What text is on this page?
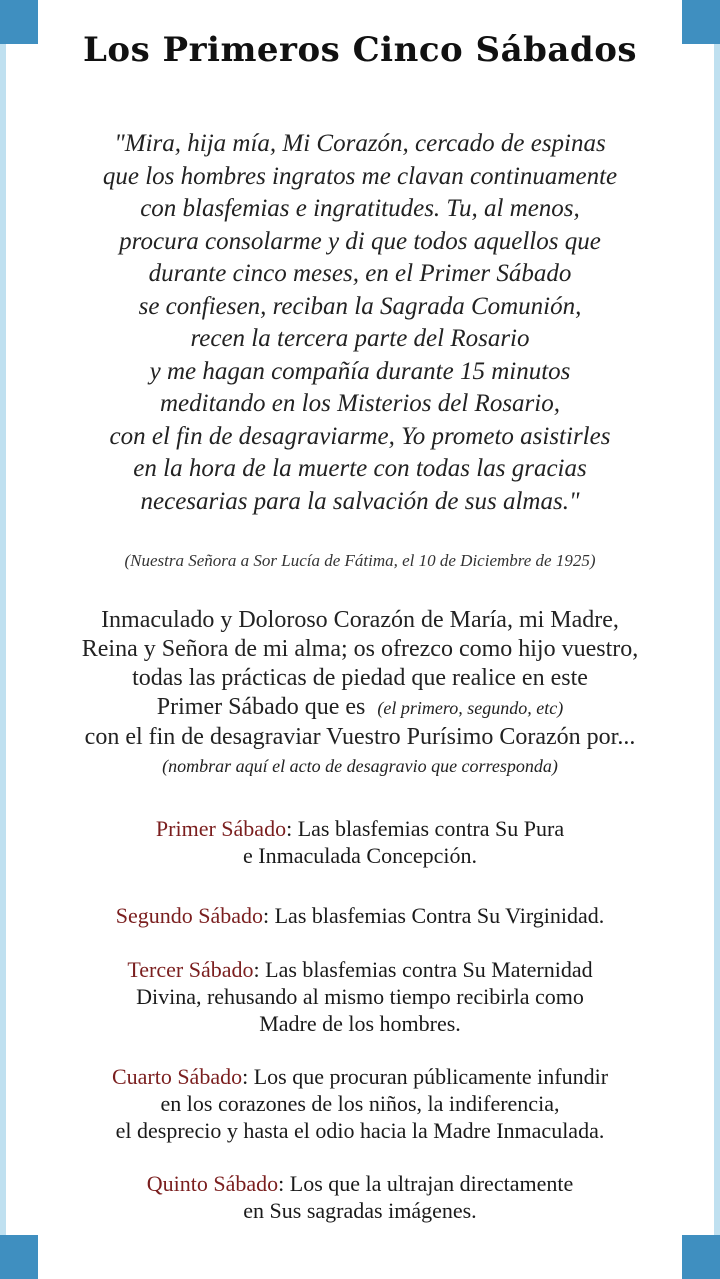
Los Primeros Cinco Sábados

"Mira, hija mía, Mi Corazón, cercado de espinas
que los hombres ingratos me clavan continuamente
con blasfemias e ingratitudes. Tu, al menos,
procura consolarme y di que todos aquellos que
durante cinco meses, en el Primer Sábado
se confiesen, reciban la Sagrada Comunión,
recen la tercera parte del Rosario
y me hagan compañía durante 15 minutos
meditando en los Misterios del Rosario,
con el fin de desagraviarme, Yo prometo asistirles
en la hora de la muerte con todas las gracias
necesarias para la salvación de sus almas."

(Nuestra Señora a Sor Lucía de Fátima, el 10 de Diciembre de 1925)

Inmaculado y Doloroso Corazón de María, mi Madre,
Reina y Señora de mi alma; os ofrezco como hijo vuestro,
todas las prácticas de piedad que realice en este
Primer Sábado que es (el primero, segundo, etc)
con el fin de desagraviar Vuestro Purísimo Corazón por...
(nombrar aquí el acto de desagravio que corresponda)

Primer Sábado: Las blasfemias contra Su Pura
e Inmaculada Concepción.

Segundo Sábado: Las blasfemias Contra Su Virginidad.

Tercer Sábado: Las blasfemias contra Su Maternidad
Divina, rehusando al mismo tiempo recibirla como
Madre de los hombres.

Cuarto Sábado: Los que procuran públicamente infundir
en los corazones de los niños, la indiferencia,
el desprecio y hasta el odio hacia la Madre Inmaculada.

Quinto Sábado: Los que la ultrajan directamente
en Sus sagradas imágenes.
